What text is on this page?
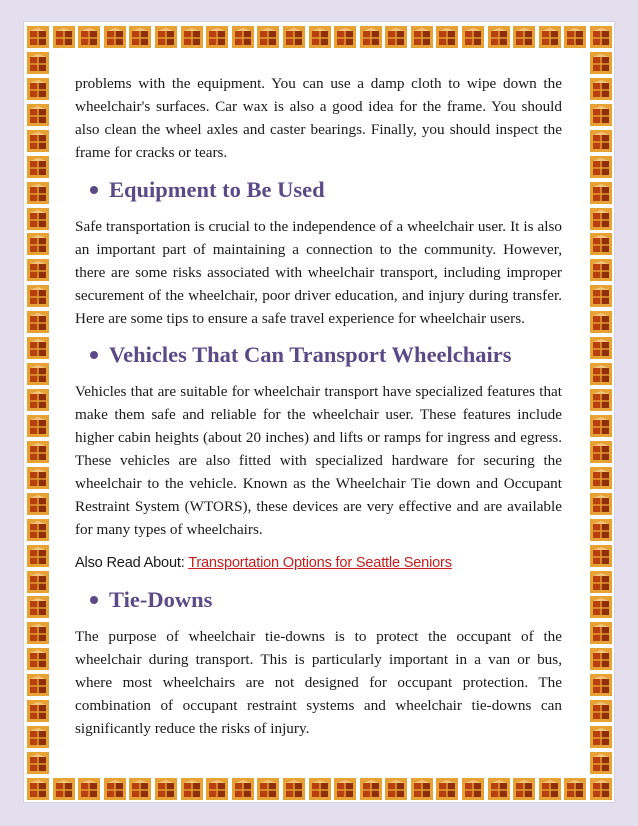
problems with the equipment. You can use a damp cloth to wipe down the wheelchair's surfaces. Car wax is also a good idea for the frame. You should also clean the wheel axles and caster bearings. Finally, you should inspect the frame for cracks or tears.

Equipment to Be Used

Safe transportation is crucial to the independence of a wheelchair user. It is also an important part of maintaining a connection to the community. However, there are some risks associated with wheelchair transport, including improper securement of the wheelchair, poor driver education, and injury during transfer. Here are some tips to ensure a safe travel experience for wheelchair users.

Vehicles That Can Transport Wheelchairs

Vehicles that are suitable for wheelchair transport have specialized features that make them safe and reliable for the wheelchair user. These features include higher cabin heights (about 20 inches) and lifts or ramps for ingress and egress. These vehicles are also fitted with specialized hardware for securing the wheelchair to the vehicle. Known as the Wheelchair Tie down and Occupant Restraint System (WTORS), these devices are very effective and are available for many types of wheelchairs.

Also Read About: Transportation Options for Seattle Seniors

Tie-Downs

The purpose of wheelchair tie-downs is to protect the occupant of the wheelchair during transport. This is particularly important in a van or bus, where most wheelchairs are not designed for occupant protection. The combination of occupant restraint systems and wheelchair tie-downs can significantly reduce the risks of injury.
